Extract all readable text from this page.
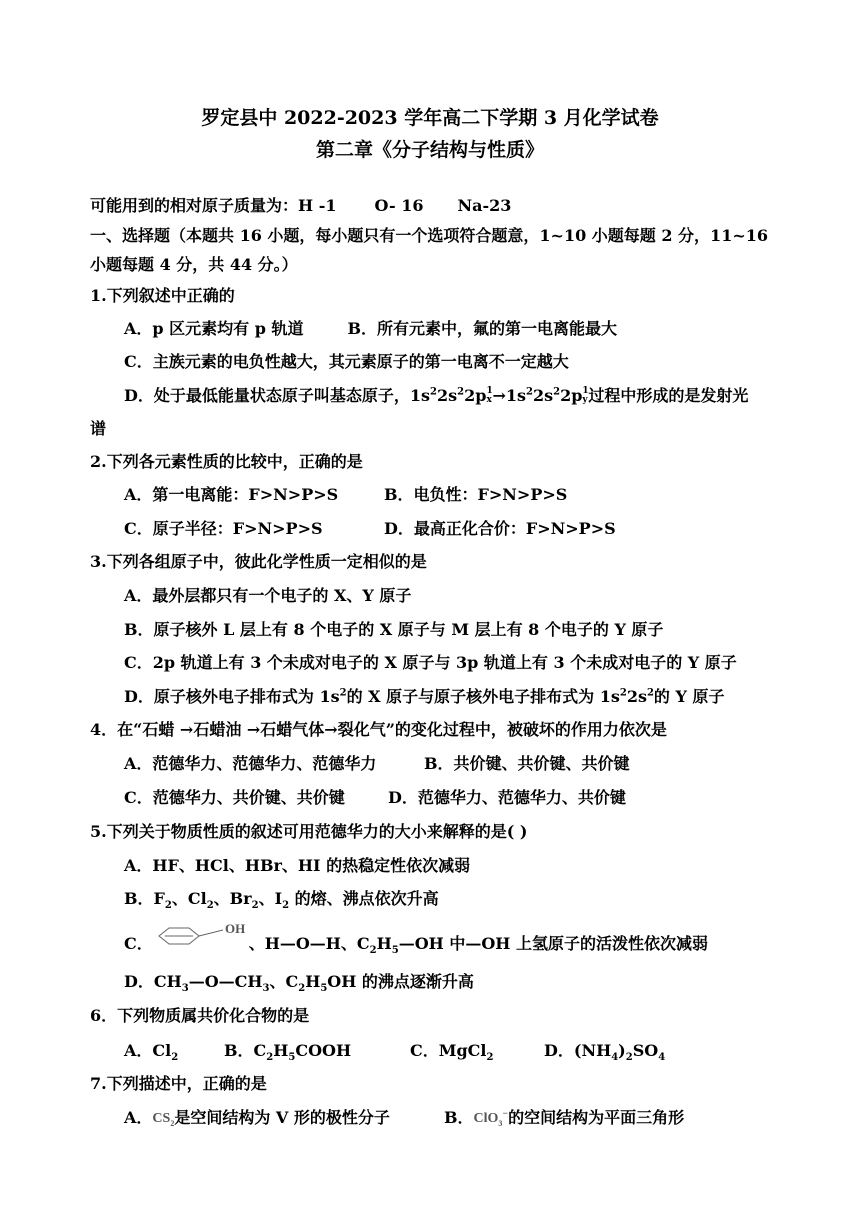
罗定县中 2022-2023 学年高二下学期 3 月化学试卷
第二章《分子结构与性质》
可能用到的相对原子质量为：H -1 O- 16 Na-23
一、选择题（本题共 16 小题，每小题只有一个选项符合题意，1~10 小题每题 2 分，11~16
小题每题 4 分，共 44 分。）
1.下列叙述中正确的
A．p 区元素均有 p 轨道	B．所有元素中，氟的第一电离能最大
C．主族元素的电负性越大，其元素原子的第一电离不一定越大
D．处于最低能量状态原子叫基态原子，$1s^22s^22p$ 1
$x \to 1s^22s^22p$ 1
y 过程中形成的是发射光
谱
2.下列各元素性质的比较中，正确的是
A．第一电离能：F>N>P>S	B．电负性：F>N>P>S
C．原子半径：F>N>P>S	D．最高正化合价：F>N>P>S
3.下列各组原子中，彼此化学性质一定相似的是
A．最外层都只有一个电子的 X、Y 原子
B．原子核外 L 层上有 8 个电子的 X 原子与 M 层上有 8 个电子的 Y 原子
C．2p 轨道上有 3 个未成对电子的 X 原子与 3p 轨道上有 3 个未成对电子的 Y 原子
D．原子核外电子排布式为 $1s^2$的 X 原子与原子核外电子排布式为 $1s^22s^2$的 Y 原子
4．在“石蜡 →石蜡油 →石蜡气体→裂化气”的变化过程中，被破坏的作用力依次是
A．范德华力、范德华力、范德华力	B．共价键、共价键、共价键
C．范德华力、共价键、共价键	D．范德华力、范德华力、共价键
5.下列关于物质性质的叙述可用范德华力的大小来解释的是( )
A．HF、HCl、HBr、HI 的热稳定性依次减弱
B．$F_2$、$Cl_2$、$Br_2$、$I_2$ 的熔、沸点依次升高
C．
OH
、H—O—H、$C_2H_5—OH$ 中—OH 上氢原子的活泼性依次减弱
D．$CH_3—O—CH_3$、$C_2H_5OH$ 的沸点逐渐升高
6．下列物质属共价化合物的是
A．$Cl_2$	B．$C_2H_5COOH$	C．MgCl$_2$	D．$(NH_4)_2SO_4$
7.下列描述中，正确的是
A．$CS_2$是空间结构为 V 形的极性分子	B．ClO$_3$−的空间结构为平面三角形
